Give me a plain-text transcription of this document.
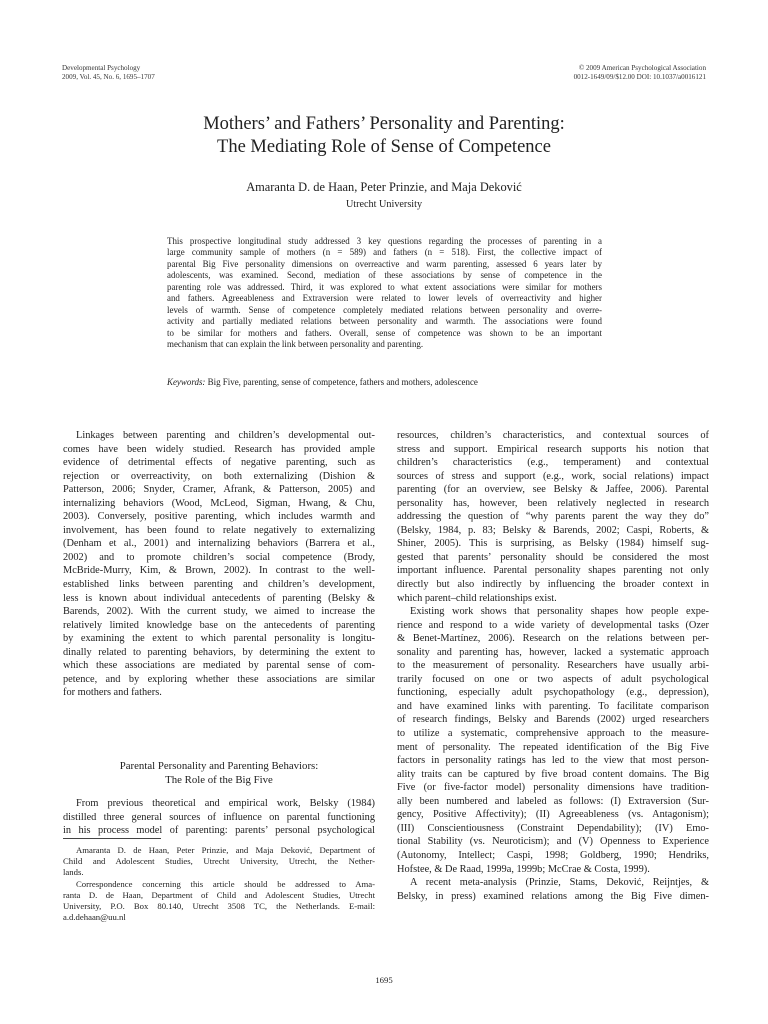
Developmental Psychology
2009, Vol. 45, No. 6, 1695–1707
© 2009 American Psychological Association
0012-1649/09/$12.00 DOI: 10.1037/a0016121
Mothers’ and Fathers’ Personality and Parenting:
The Mediating Role of Sense of Competence
Amaranta D. de Haan, Peter Prinzie, and Maja Deković
Utrecht University
This prospective longitudinal study addressed 3 key questions regarding the processes of parenting in a
large community sample of mothers (n = 589) and fathers (n = 518). First, the collective impact of
parental Big Five personality dimensions on overreactive and warm parenting, assessed 6 years later by
adolescents, was examined. Second, mediation of these associations by sense of competence in the
parenting role was addressed. Third, it was explored to what extent associations were similar for mothers
and fathers. Agreeableness and Extraversion were related to lower levels of overreactivity and higher
levels of warmth. Sense of competence completely mediated relations between personality and overre-
activity and partially mediated relations between personality and warmth. The associations were found
to be similar for mothers and fathers. Overall, sense of competence was shown to be an important
mechanism that can explain the link between personality and parenting.
Keywords: Big Five, parenting, sense of competence, fathers and mothers, adolescence
Linkages between parenting and children’s developmental out-
comes have been widely studied. Research has provided ample
evidence of detrimental effects of negative parenting, such as
rejection or overreactivity, on both externalizing (Dishion &
Patterson, 2006; Snyder, Cramer, Afrank, & Patterson, 2005) and
internalizing behaviors (Wood, McLeod, Sigman, Hwang, & Chu,
2003). Conversely, positive parenting, which includes warmth and
involvement, has been found to relate negatively to externalizing
(Denham et al., 2001) and internalizing behaviors (Barrera et al.,
2002) and to promote children’s social competence (Brody,
McBride-Murry, Kim, & Brown, 2002). In contrast to the well-
established links between parenting and children’s development,
less is known about individual antecedents of parenting (Belsky &
Barends, 2002). With the current study, we aimed to increase the
relatively limited knowledge base on the antecedents of parenting
by examining the extent to which parental personality is longitu-
dinally related to parenting behaviors, by determining the extent to
which these associations are mediated by parental sense of com-
petence, and by exploring whether these associations are similar
for mothers and fathers.
Parental Personality and Parenting Behaviors:
The Role of the Big Five
From previous theoretical and empirical work, Belsky (1984)
distilled three general sources of influence on parental functioning
in his process model of parenting: parents’ personal psychological
Amaranta D. de Haan, Peter Prinzie, and Maja Deković, Department of
Child and Adolescent Studies, Utrecht University, Utrecht, the Nether-
lands.
Correspondence concerning this article should be addressed to Ama-
ranta D. de Haan, Department of Child and Adolescent Studies, Utrecht
University, P.O. Box 80.140, Utrecht 3508 TC, the Netherlands. E-mail:
a.d.dehaan@uu.nl
resources, children’s characteristics, and contextual sources of
stress and support. Empirical research supports his notion that
children’s characteristics (e.g., temperament) and contextual
sources of stress and support (e.g., work, social relations) impact
parenting (for an overview, see Belsky & Jaffee, 2006). Parental
personality has, however, been relatively neglected in research
addressing the question of “why parents parent the way they do”
(Belsky, 1984, p. 83; Belsky & Barends, 2002; Caspi, Roberts, &
Shiner, 2005). This is surprising, as Belsky (1984) himself sug-
gested that parents’ personality should be considered the most
important influence. Parental personality shapes parenting not only
directly but also indirectly by influencing the broader context in
which parent–child relationships exist.
Existing work shows that personality shapes how people expe-
rience and respond to a wide variety of developmental tasks (Ozer
& Benet-Martínez, 2006). Research on the relations between per-
sonality and parenting has, however, lacked a systematic approach
to the measurement of personality. Researchers have usually arbi-
trarily focused on one or two aspects of adult psychological
functioning, especially adult psychopathology (e.g., depression),
and have examined links with parenting. To facilitate comparison
of research findings, Belsky and Barends (2002) urged researchers
to utilize a systematic, comprehensive approach to the measure-
ment of personality. The repeated identification of the Big Five
factors in personality ratings has led to the view that most person-
ality traits can be captured by five broad content domains. The Big
Five (or five-factor model) personality dimensions have tradition-
ally been numbered and labeled as follows: (I) Extraversion (Sur-
gency, Positive Affectivity); (II) Agreeableness (vs. Antagonism);
(III) Conscientiousness (Constraint Dependability); (IV) Emo-
tional Stability (vs. Neuroticism); and (V) Openness to Experience
(Autonomy, Intellect; Caspi, 1998; Goldberg, 1990; Hendriks,
Hofstee, & De Raad, 1999a, 1999b; McCrae & Costa, 1999).
A recent meta-analysis (Prinzie, Stams, Deković, Reijntjes, &
Belsky, in press) examined relations among the Big Five dimen-
1695
